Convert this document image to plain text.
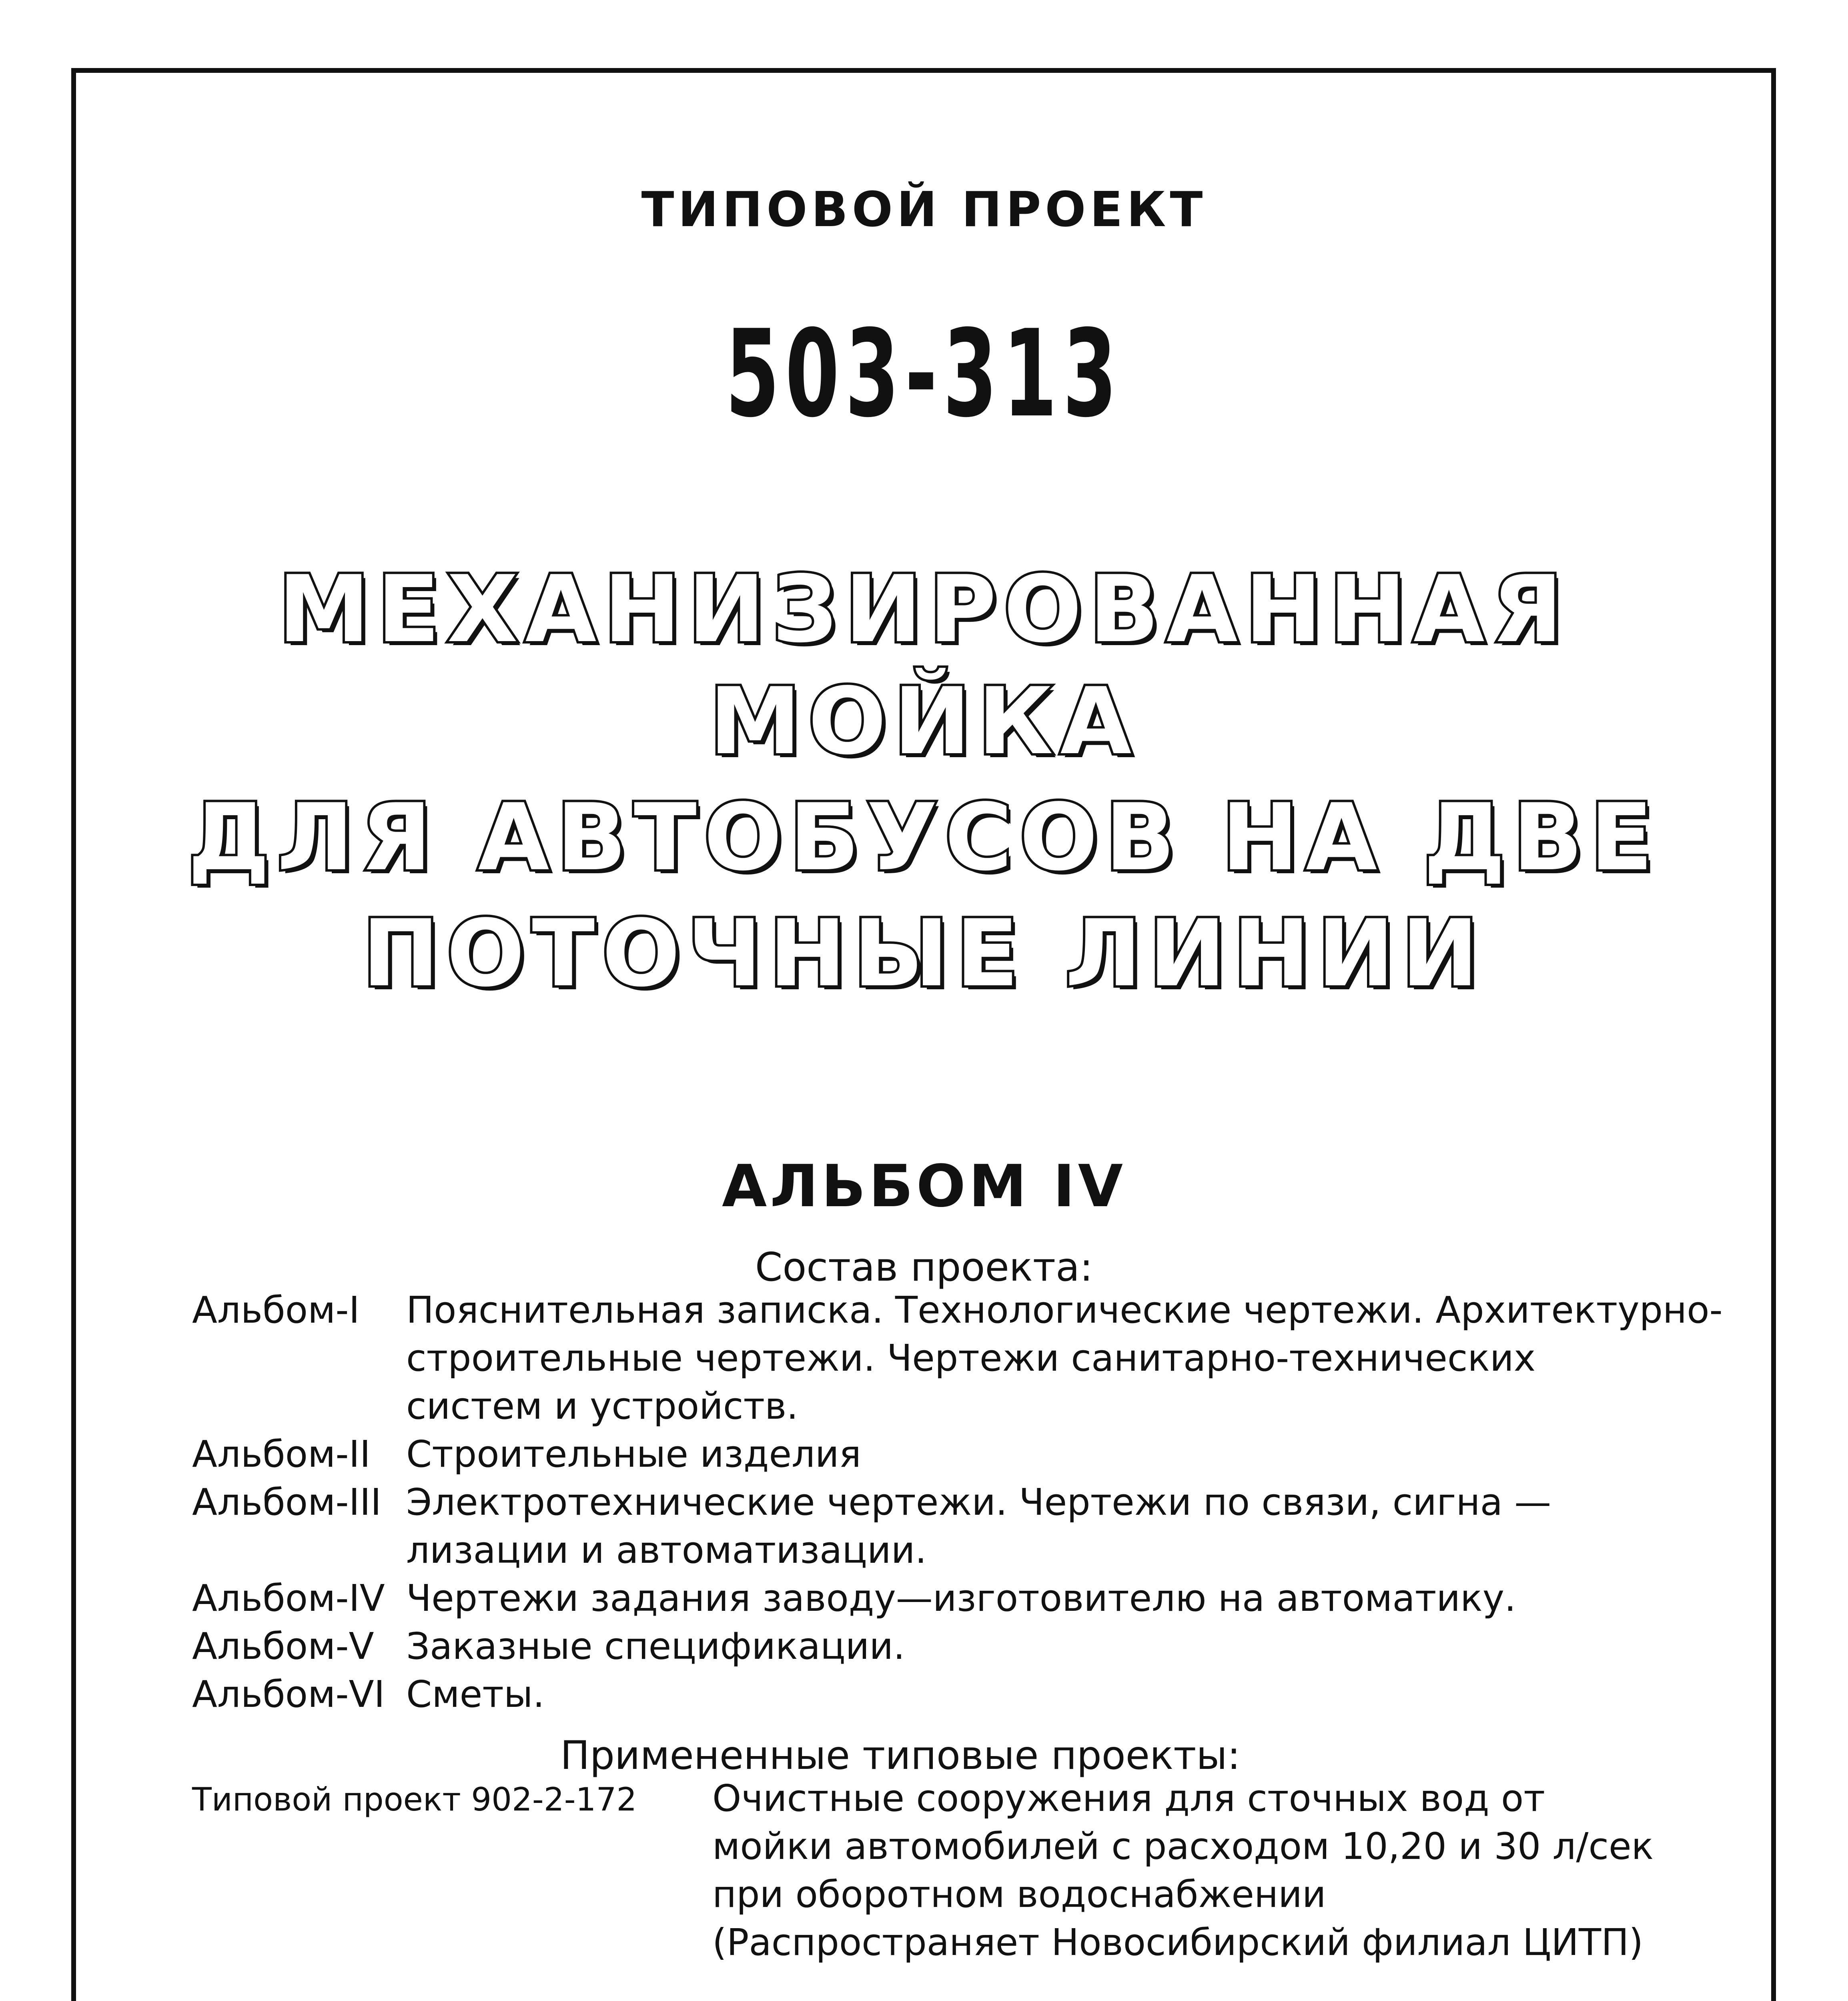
ТИПОВОЙ ПРОЕКТ
503-313
МЕХАНИЗИРОВАННАЯ
МОЙКА
ДЛЯ АВТОБУСОВ НА ДВЕ
ПОТОЧНЫЕ ЛИНИИ
АЛЬБОМ IV
Состав проекта:
Альбом-I Пояснительная записка. Технологические чертежи. Архитектурно-
строительные чертежи. Чертежи санитарно-технических
систем и устройств.
Альбом-II Строительные изделия
Альбом-III Электротехнические чертежи. Чертежи по связи, сигна —
лизации и автоматизации.
Альбом-IV Чертежи задания заводу—изготовителю на автоматику.
Альбом-V Заказные спецификации.
Альбом-VI Сметы.
Примененные типовые проекты:
Типовой проект 902-2-172 Очистные сооружения для сточных вод от
мойки автомобилей с расходом 10,20 и 30 л/сек
при оборотном водоснабжении
(Распространяет Новосибирский филиал ЦИТП)
